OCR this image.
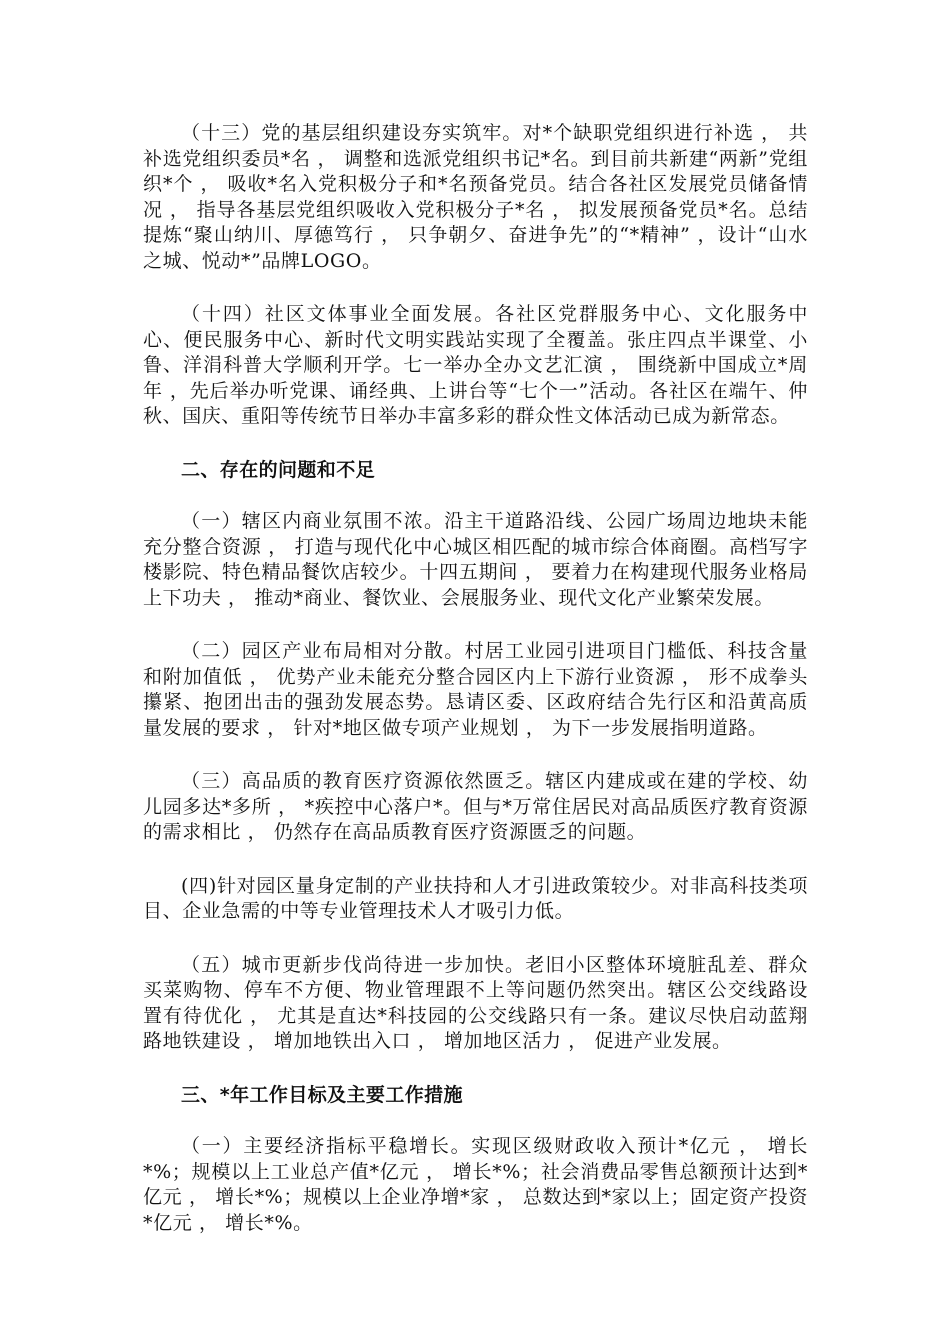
（十三）党的基层组织建设夯实筑牢。对*个缺职党组织进行补选 ， 共补选党组织委员*名 ， 调整和选派党组织书记*名。到目前共新建“两新”党组织*个 ， 吸收*名入党积极分子和*名预备党员。结合各社区发展党员储备情况 ， 指导各基层党组织吸收入党积极分子*名 ， 拟发展预备党员*名。总结提炼“聚山纳川、厚德笃行 ， 只争朝夕、奋进争先”的“*精神” ，设计“山水之城、悦动*”品牌LOGO。

（十四）社区文体事业全面发展。各社区党群服务中心、文化服务中心、便民服务中心、新时代文明实践站实现了全覆盖。张庄四点半课堂、小鲁、洋涓科普大学顺利开学。七一举办全办文艺汇演 ， 围绕新中国成立*周年 ，先后举办听党课、诵经典、上讲台等“七个一”活动。各社区在端午、仲秋、国庆、重阳等传统节日举办丰富多彩的群众性文体活动已成为新常态。

二、存在的问题和不足

（一）辖区内商业氛围不浓。沿主干道路沿线、公园广场周边地块未能充分整合资源 ， 打造与现代化中心城区相匹配的城市综合体商圈。高档写字楼影院、特色精品餐饮店较少。十四五期间 ， 要着力在构建现代服务业格局上下功夫 ， 推动*商业、餐饮业、会展服务业、现代文化产业繁荣发展。

（二）园区产业布局相对分散。村居工业园引进项目门槛低、科技含量和附加值低 ， 优势产业未能充分整合园区内上下游行业资源 ， 形不成拳头攥紧、抱团出击的强劲发展态势。恳请区委、区政府结合先行区和沿黄高质量发展的要求 ， 针对*地区做专项产业规划 ， 为下一步发展指明道路。

（三）高品质的教育医疗资源依然匮乏。辖区内建成或在建的学校、幼儿园多达*多所 ， *疾控中心落户*。但与*万常住居民对高品质医疗教育资源的需求相比 ， 仍然存在高品质教育医疗资源匮乏的问题。

(四)针对园区量身定制的产业扶持和人才引进政策较少。对非高科技类项目、企业急需的中等专业管理技术人才吸引力低。

（五）城市更新步伐尚待进一步加快。老旧小区整体环境脏乱差、群众买菜购物、停车不方便、物业管理跟不上等问题仍然突出。辖区公交线路设置有待优化 ， 尤其是直达*科技园的公交线路只有一条。建议尽快启动蓝翔路地铁建设 ， 增加地铁出入口 ， 增加地区活力 ， 促进产业发展。

三、*年工作目标及主要工作措施

（一）主要经济指标平稳增长。实现区级财政收入预计*亿元 ， 增长*%；规模以上工业总产值*亿元 ， 增长*%；社会消费品零售总额预计达到*亿元 ， 增长*%；规模以上企业净增*家 ， 总数达到*家以上；固定资产投资*亿元 ， 增长*%。
